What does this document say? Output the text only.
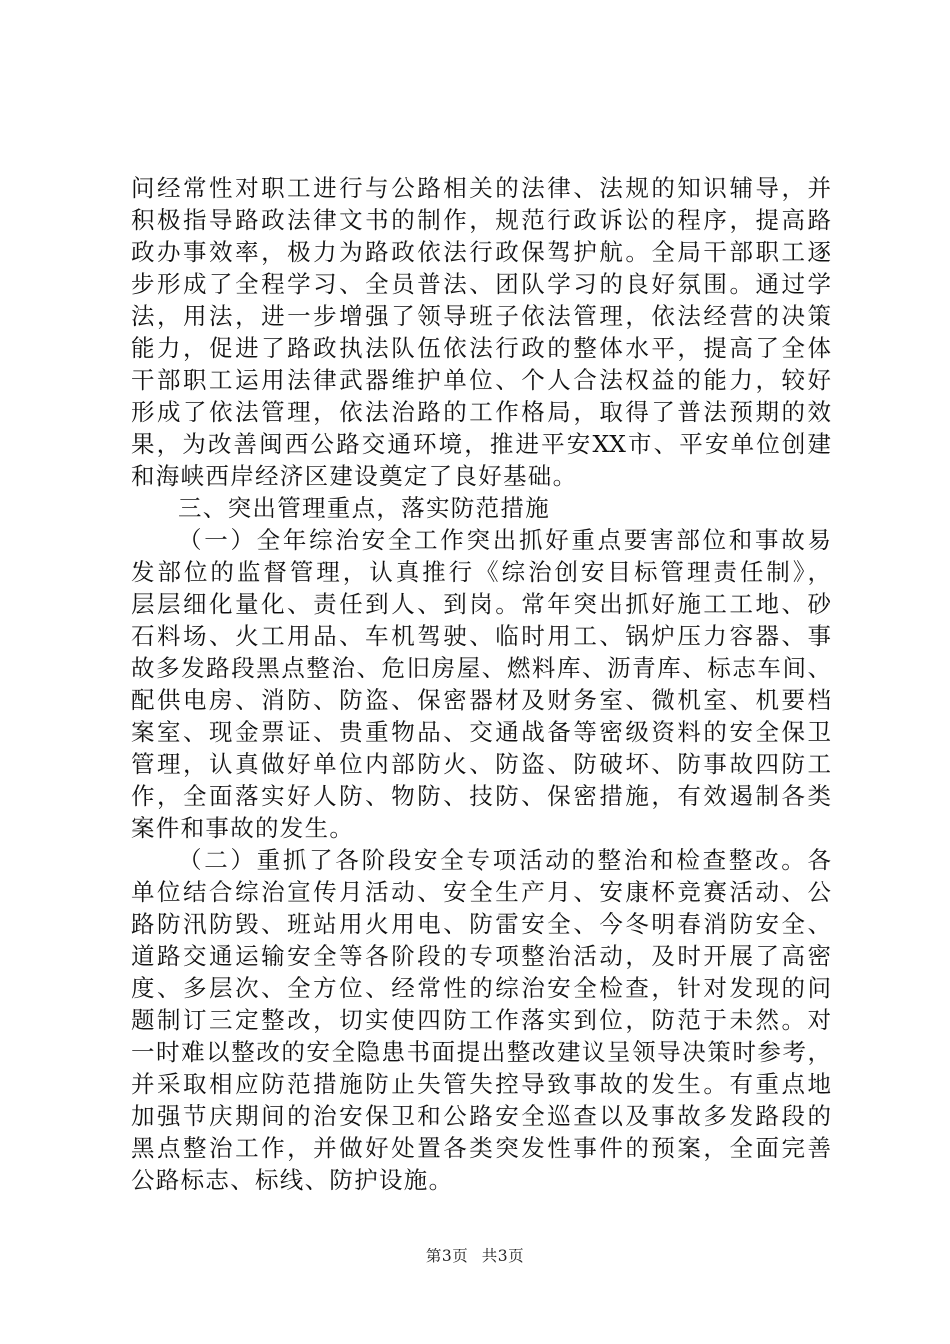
问经常性对职工进行与公路相关的法律、法规的知识辅导，并
积极指导路政法律文书的制作，规范行政诉讼的程序，提高路
政办事效率，极力为路政依法行政保驾护航。全局干部职工逐
步形成了全程学习、全员普法、团队学习的良好氛围。通过学
法，用法，进一步增强了领导班子依法管理，依法经营的决策
能力，促进了路政执法队伍依法行政的整体水平，提高了全体
干部职工运用法律武器维护单位、个人合法权益的能力，较好
形成了依法管理，依法治路的工作格局，取得了普法预期的效
果，为改善闽西公路交通环境，推进平安XX市、平安单位创建
和海峡西岸经济区建设奠定了良好基础。
三、突出管理重点，落实防范措施
（一）全年综治安全工作突出抓好重点要害部位和事故易
发部位的监督管理，认真推行《综治创安目标管理责任制》，
层层细化量化、责任到人、到岗。常年突出抓好施工工地、砂
石料场、火工用品、车机驾驶、临时用工、锅炉压力容器、事
故多发路段黑点整治、危旧房屋、燃料库、沥青库、标志车间、
配供电房、消防、防盗、保密器材及财务室、微机室、机要档
案室、现金票证、贵重物品、交通战备等密级资料的安全保卫
管理，认真做好单位内部防火、防盗、防破坏、防事故四防工
作，全面落实好人防、物防、技防、保密措施，有效遏制各类
案件和事故的发生。
（二）重抓了各阶段安全专项活动的整治和检查整改。各
单位结合综治宣传月活动、安全生产月、安康杯竞赛活动、公
路防汛防毁、班站用火用电、防雷安全、今冬明春消防安全、
道路交通运输安全等各阶段的专项整治活动，及时开展了高密
度、多层次、全方位、经常性的综治安全检查，针对发现的问
题制订三定整改，切实使四防工作落实到位，防范于未然。对
一时难以整改的安全隐患书面提出整改建议呈领导决策时参考，
并采取相应防范措施防止失管失控导致事故的发生。有重点地
加强节庆期间的治安保卫和公路安全巡查以及事故多发路段的
黑点整治工作，并做好处置各类突发性事件的预案，全面完善
公路标志、标线、防护设施。
第3页 共3页
